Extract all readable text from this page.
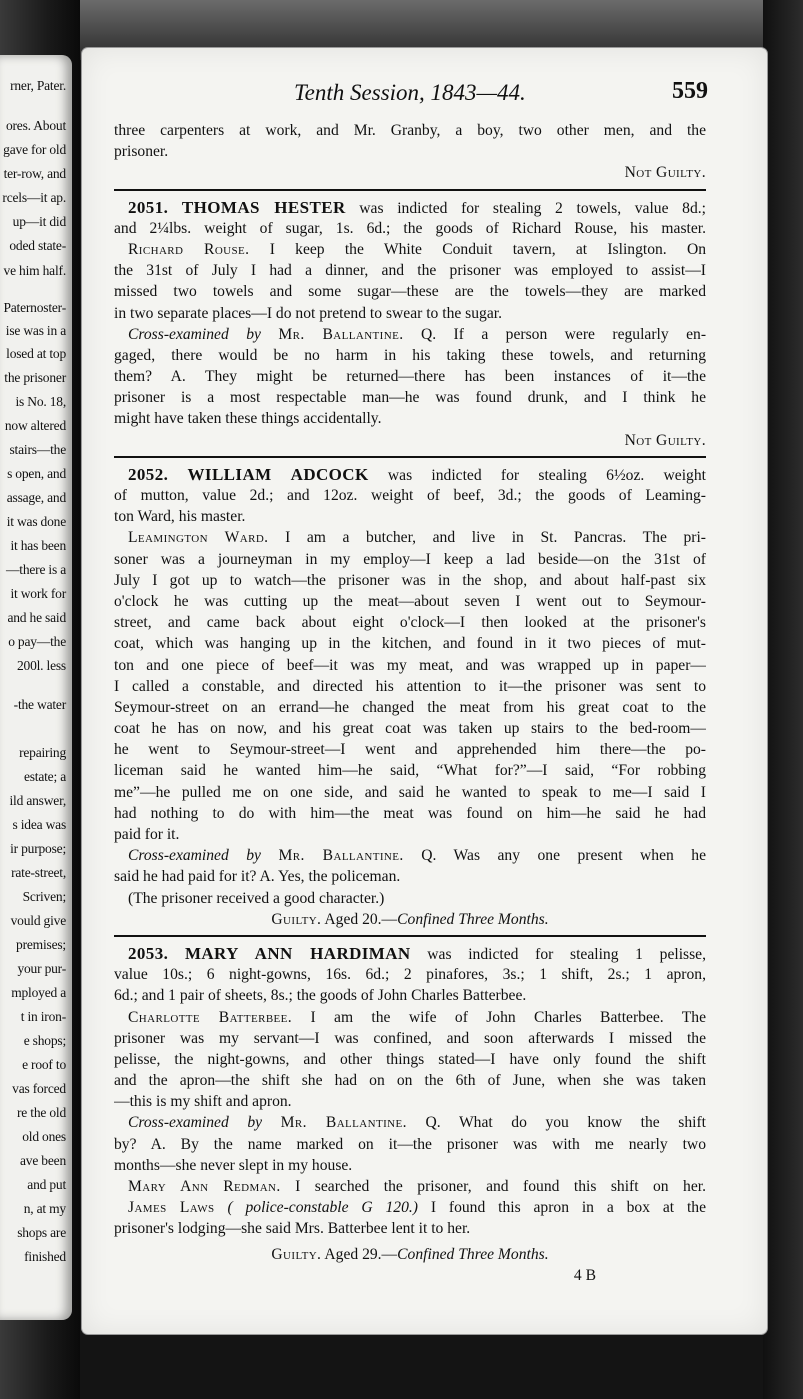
rner, Pater.
ores. About
gave for old
ter-row, and
rcels—it ap.
up—it did
oded state-
ve him half.
Paternoster-
ise was in a
losed at top
the prisoner
is No. 18,
now altered
stairs—the
s open, and
assage, and
it was done
it has been
—there is a
it work for
and he said
o pay—the
200l. less
-the water
repairing
estate; a
ild answer,
s idea was
ir purpose;
rate-street,
Scriven;
vould give
premises;
your pur-
mployed a
t in iron-
e shops;
e roof to
vas forced
re the old
old ones
ave been
and put
n, at my
shops are
finished
Tenth Session, 1843—44.	559
three carpenters at work, and Mr. Granby, a boy, two other men, and the
prisoner.
Not Guilty.
2051. THOMAS HESTER was indicted for stealing 2 towels, value 8d.;
and 2¼lbs. weight of sugar, 1s. 6d.; the goods of Richard Rouse, his master.
Richard Rouse. I keep the White Conduit tavern, at Islington. On
the 31st of July I had a dinner, and the prisoner was employed to assist—I
missed two towels and some sugar—these are the towels—they are marked
in two separate places—I do not pretend to swear to the sugar.
Cross-examined by Mr. Ballantine. Q. If a person were regularly en-
gaged, there would be no harm in his taking these towels, and returning
them? A. They might be returned—there has been instances of it—the
prisoner is a most respectable man—he was found drunk, and I think he
might have taken these things accidentally.
Not Guilty.
2052. WILLIAM ADCOCK was indicted for stealing 6½oz. weight
of mutton, value 2d.; and 12oz. weight of beef, 3d.; the goods of Leaming-
ton Ward, his master.
Leamington Ward. I am a butcher, and live in St. Pancras. The pri-
soner was a journeyman in my employ—I keep a lad beside—on the 31st of
July I got up to watch—the prisoner was in the shop, and about half-past six
o'clock he was cutting up the meat—about seven I went out to Seymour-
street, and came back about eight o'clock—I then looked at the prisoner's
coat, which was hanging up in the kitchen, and found in it two pieces of mut-
ton and one piece of beef—it was my meat, and was wrapped up in paper—
I called a constable, and directed his attention to it—the prisoner was sent to
Seymour-street on an errand—he changed the meat from his great coat to the
coat he has on now, and his great coat was taken up stairs to the bed-room—
he went to Seymour-street—I went and apprehended him there—the po-
liceman said he wanted him—he said, “What for?”—I said, “For robbing
me”—he pulled me on one side, and said he wanted to speak to me—I said I
had nothing to do with him—the meat was found on him—he said he had
paid for it.
Cross-examined by Mr. Ballantine. Q. Was any one present when he
said he had paid for it? A. Yes, the policeman.
(The prisoner received a good character.)
Guilty. Aged 20.—Confined Three Months.
2053. MARY ANN HARDIMAN was indicted for stealing 1 pelisse,
value 10s.; 6 night-gowns, 16s. 6d.; 2 pinafores, 3s.; 1 shift, 2s.; 1 apron,
6d.; and 1 pair of sheets, 8s.; the goods of John Charles Batterbee.
Charlotte Batterbee. I am the wife of John Charles Batterbee. The
prisoner was my servant—I was confined, and soon afterwards I missed the
pelisse, the night-gowns, and other things stated—I have only found the shift
and the apron—the shift she had on on the 6th of June, when she was taken
—this is my shift and apron.
Cross-examined by Mr. Ballantine. Q. What do you know the shift
by? A. By the name marked on it—the prisoner was with me nearly two
months—she never slept in my house.
Mary Ann Redman. I searched the prisoner, and found this shift on her.
James Laws ( police-constable G 120.) I found this apron in a box at the
prisoner's lodging—she said Mrs. Batterbee lent it to her.
Guilty. Aged 29.—Confined Three Months.
4 B
